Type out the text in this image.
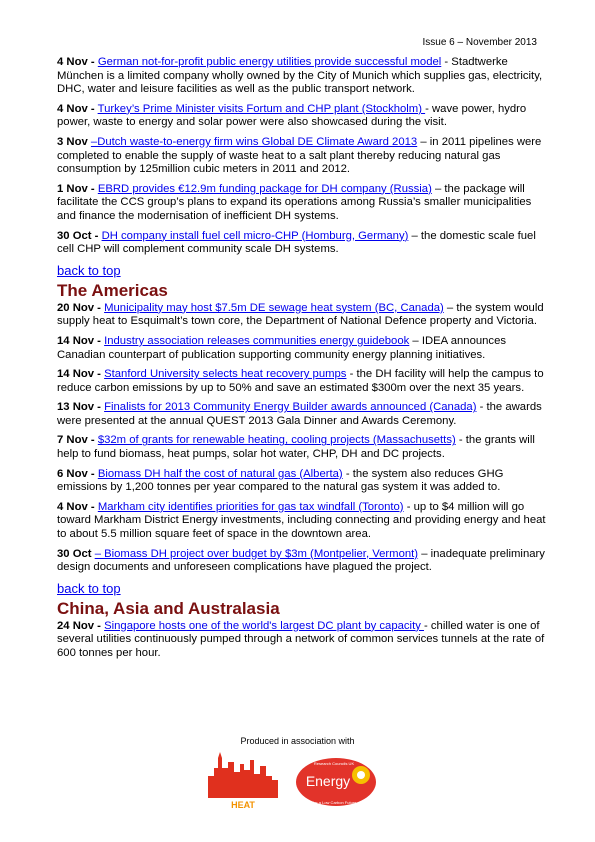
Issue 6 – November 2013
4 Nov - German not-for-profit public energy utilities provide successful model - Stadtwerke München is a limited company wholly owned by the City of Munich which supplies gas, electricity, DHC, water and leisure facilities as well as the public transport network.
4 Nov - Turkey’s Prime Minister visits Fortum and CHP plant (Stockholm) - wave power, hydro power, waste to energy and solar power were also showcased during the visit.
3 Nov –Dutch waste-to-energy firm wins Global DE Climate Award 2013 – in 2011 pipelines were completed to enable the supply of waste heat to a salt plant thereby reducing natural gas consumption by 125million cubic meters in 2011 and 2012.
1 Nov - EBRD provides €12.9m funding package for DH company (Russia) – the package will facilitate the CCS group’s plans to expand its operations among Russia’s smaller municipalities and finance the modernisation of inefficient DH systems.
30 Oct - DH company install fuel cell micro-CHP (Homburg, Germany) – the domestic scale fuel cell CHP will complement community scale DH systems.
back to top
The Americas
20 Nov - Municipality may host $7.5m DE sewage heat system (BC, Canada) – the system would supply heat to Esquimalt’s town core, the Department of National Defence property and Victoria.
14 Nov - Industry association releases communities energy guidebook – IDEA announces Canadian counterpart of publication supporting community energy planning initiatives.
14 Nov - Stanford University selects heat recovery pumps - the DH facility will help the campus to reduce carbon emissions by up to 50% and save an estimated $300m over the next 35 years.
13 Nov - Finalists for 2013 Community Energy Builder awards announced (Canada) - the awards were presented at the annual QUEST 2013 Gala Dinner and Awards Ceremony.
7 Nov - $32m of grants for renewable heating, cooling projects (Massachusetts) - the grants will help to fund biomass, heat pumps, solar hot water, CHP, DH and DC projects.
6 Nov - Biomass DH half the cost of natural gas (Alberta) - the system also reduces GHG emissions by 1,200 tonnes per year compared to the natural gas system it was added to.
4 Nov - Markham city identifies priorities for gas tax windfall (Toronto) - up to $4 million will go toward Markham District Energy investments, including connecting and providing energy and heat to about 5.5 million square feet of space in the downtown area.
30 Oct – Biomass DH project over budget by $3m (Montpelier, Vermont) – inadequate preliminary design documents and unforeseen complications have plagued the project.
back to top
China, Asia and Australasia
24 Nov - Singapore hosts one of the world's largest DC plant by capacity - chilled water is one of several utilities continuously pumped through a network of common services tunnels at the rate of 600 tonnes per hour.
Produced in association with
HEAT
Energy
For a Low Carbon Future
Research Councils UK
